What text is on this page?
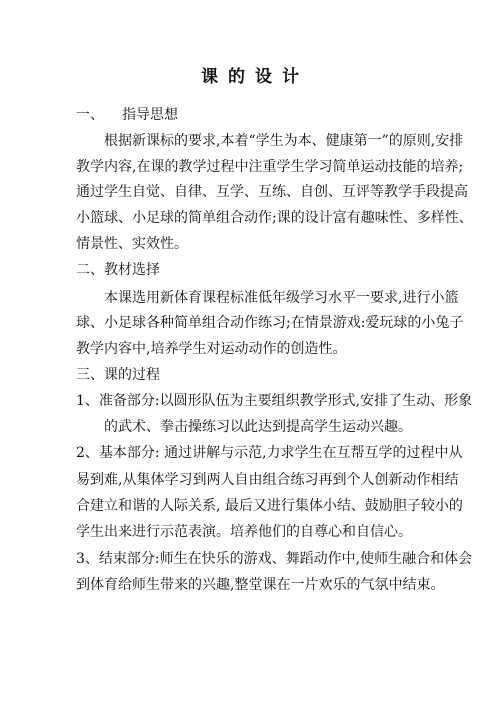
课的设计
一、 指导思想
根据新课标的要求,本着“学生为本、健康第一”的原则,安排
教学内容,在课的教学过程中注重学生学习简单运动技能的培养;
通过学生自觉、自律、互学、互练、自创、互评等教学手段提高
小篮球、小足球的简单组合动作;课的设计富有趣味性、多样性、
情景性、实效性。
二、教材选择
本课选用新体育课程标准低年级学习水平一要求,进行小篮
球、小足球各种简单组合动作练习;在情景游戏:爱玩球的小兔子
教学内容中,培养学生对运动动作的创造性。
三、课的过程
1、准备部分:以圆形队伍为主要组织教学形式,安排了生动、形象
的武术、拳击操练习以此达到提高学生运动兴趣。
2、基本部分: 通过讲解与示范,力求学生在互帮互学的过程中从
易到难,从集体学习到两人自由组合练习再到个人创新动作相结
合建立和谐的人际关系, 最后又进行集体小结、鼓励胆子较小的
学生出来进行示范表演。培养他们的自尊心和自信心。
3、结束部分:师生在快乐的游戏、舞蹈动作中,使师生融合和体会
到体育给师生带来的兴趣,整堂课在一片欢乐的气氛中结束。
